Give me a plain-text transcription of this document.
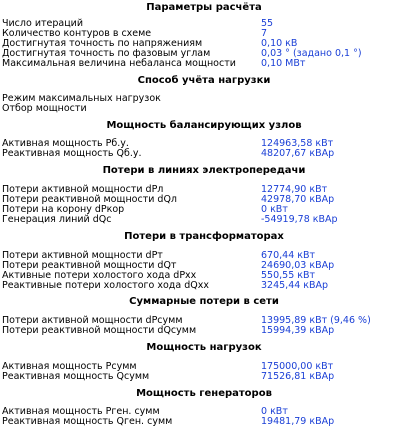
Параметры расчёта
Число итераций	55
Количество контуров в схеме	7
Достигнутая точность по напряжениям	0,10 кВ
Достигнутая точность по фазовым углам	0,03 ° (задано 0,1 °)
Максимальная величина небаланса мощности	0,10 МВт
Способ учёта нагрузки
Режим максимальных нагрузок
Отбор мощности
Мощность балансирующих узлов
Активная мощность Рб.у.	124963,58 кВт
Реактивная мощность Qб.у.	48207,67 кВАр
Потери в линиях электропередачи
Потери активной мощности dPл	12774,90 кВт
Потери реактивной мощности dQл	42978,70 кВАр
Потери на корону dPкор	0 кВт
Генерация линий dQc	-54919,78 кВАр
Потери в трансформаторах
Потери активной мощности dPт	670,44 кВт
Потери реактивной мощности dQт	24690,03 кВАр
Активные потери холостого хода dPхх	550,55 кВт
Реактивные потери холостого хода dQхх	3245,44 кВАр
Суммарные потери в сети
Потери активной мощности dPсумм	13995,89 кВт (9,46 %)
Потери реактивной мощности dQсумм	15994,39 кВАр
Мощность нагрузок
Активная мощность Рсумм	175000,00 кВт
Реактивная мощность Qсумм	71526,81 кВАр
Мощность генераторов
Активная мощность Рген. сумм	0 кВт
Реактивная мощность Qген. сумм	19481,79 кВАр
